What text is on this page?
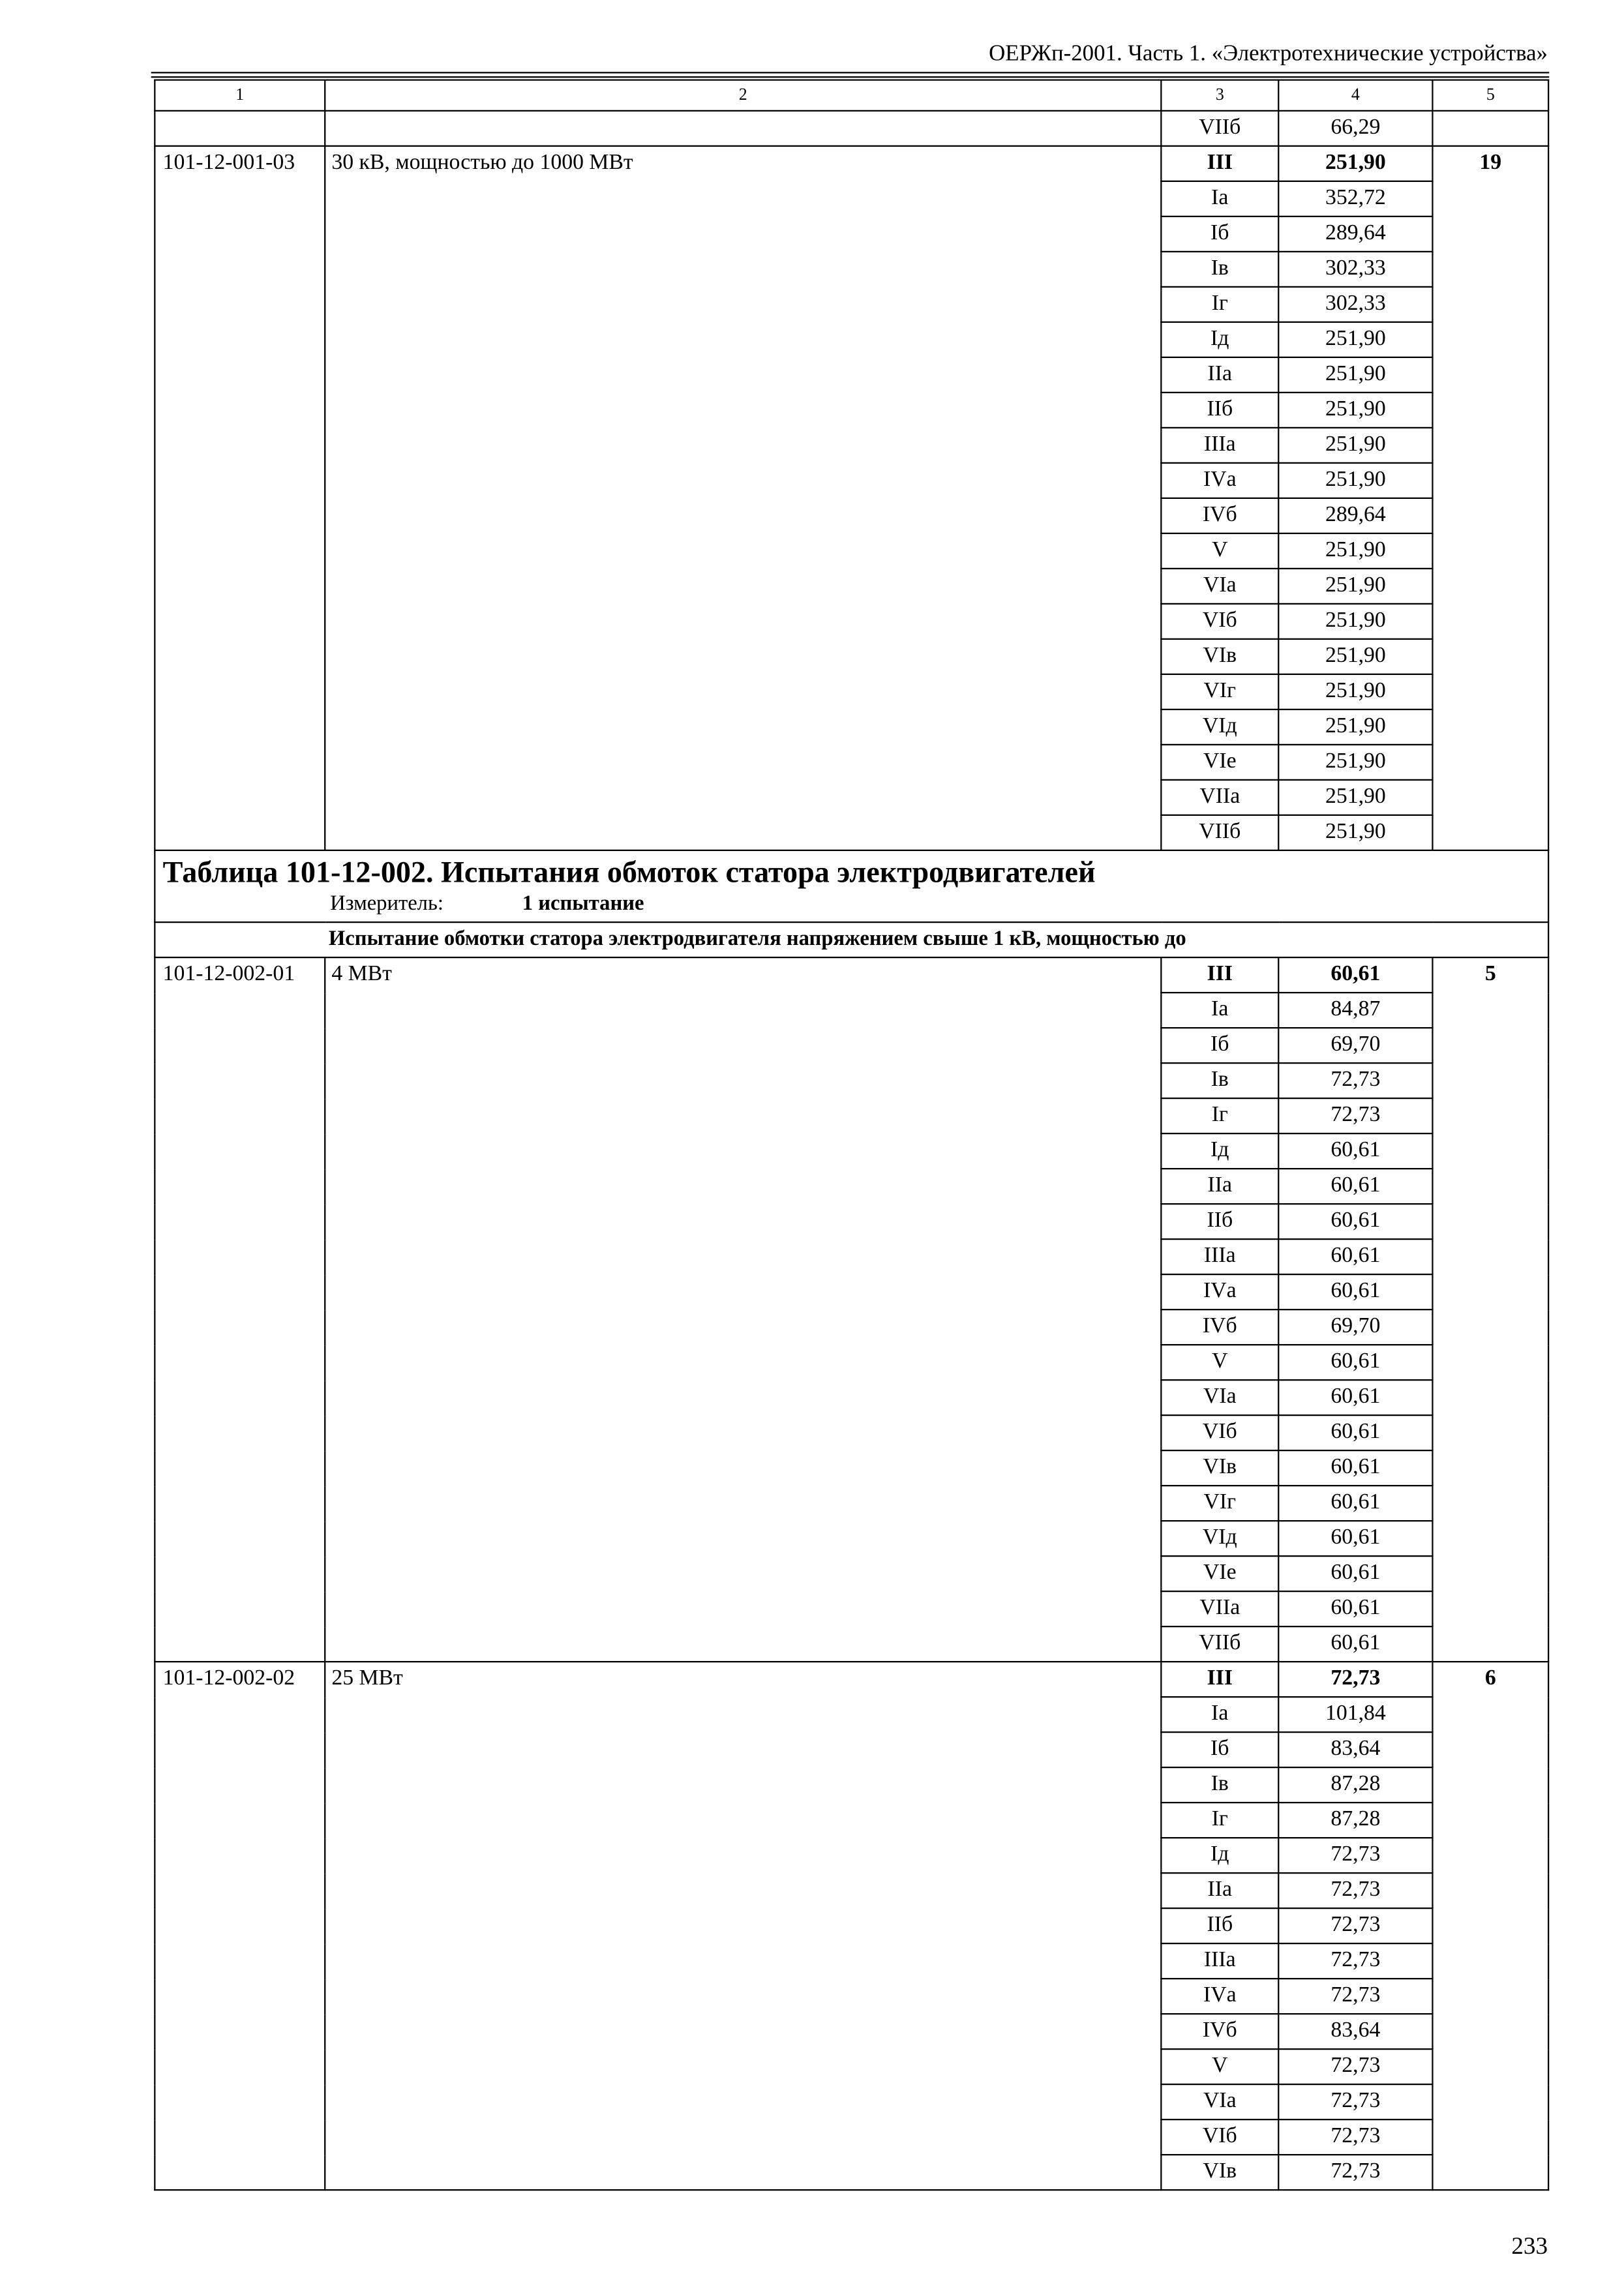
ОЕРЖп-2001. Часть 1. «Электротехнические устройства»
1	2	3	4	5
		VIIб	66,29	
101-12-001-03	30 кВ, мощностью до 1000 МВт	III	251,90	19
		Iа	352,72	
		Iб	289,64	
		Iв	302,33	
		Iг	302,33	
		Iд	251,90	
		IIа	251,90	
		IIб	251,90	
		IIIа	251,90	
		IVа	251,90	
		IVб	289,64	
		V	251,90	
		VIа	251,90	
		VIб	251,90	
		VIв	251,90	
		VIг	251,90	
		VIд	251,90	
		VIе	251,90	
		VIIа	251,90	
		VIIб	251,90	

Таблица 101-12-002. Испытания обмоток статора электродвигателей
Измеритель: 1 испытание				

Испытание обмотки статора электродвигателя напряжением свыше 1 кВ, мощностью до				
101-12-002-01	4 МВт	III	60,61	5
		Iа	84,87	
		Iб	69,70	
		Iв	72,73	
		Iг	72,73	
		Iд	60,61	
		IIа	60,61	
		IIб	60,61	
		IIIа	60,61	
		IVа	60,61	
		IVб	69,70	
		V	60,61	
		VIа	60,61	
		VIб	60,61	
		VIв	60,61	
		VIг	60,61	
		VIд	60,61	
		VIе	60,61	
		VIIа	60,61	
		VIIб	60,61	
101-12-002-02	25 МВт	III	72,73	6
		Iа	101,84	
		Iб	83,64	
		Iв	87,28	
		Iг	87,28	
		Iд	72,73	
		IIа	72,73	
		IIб	72,73	
		IIIа	72,73	
		IVа	72,73	
		IVб	83,64	
		V	72,73	
		VIа	72,73	
		VIб	72,73	
		VIв	72,73	
233
